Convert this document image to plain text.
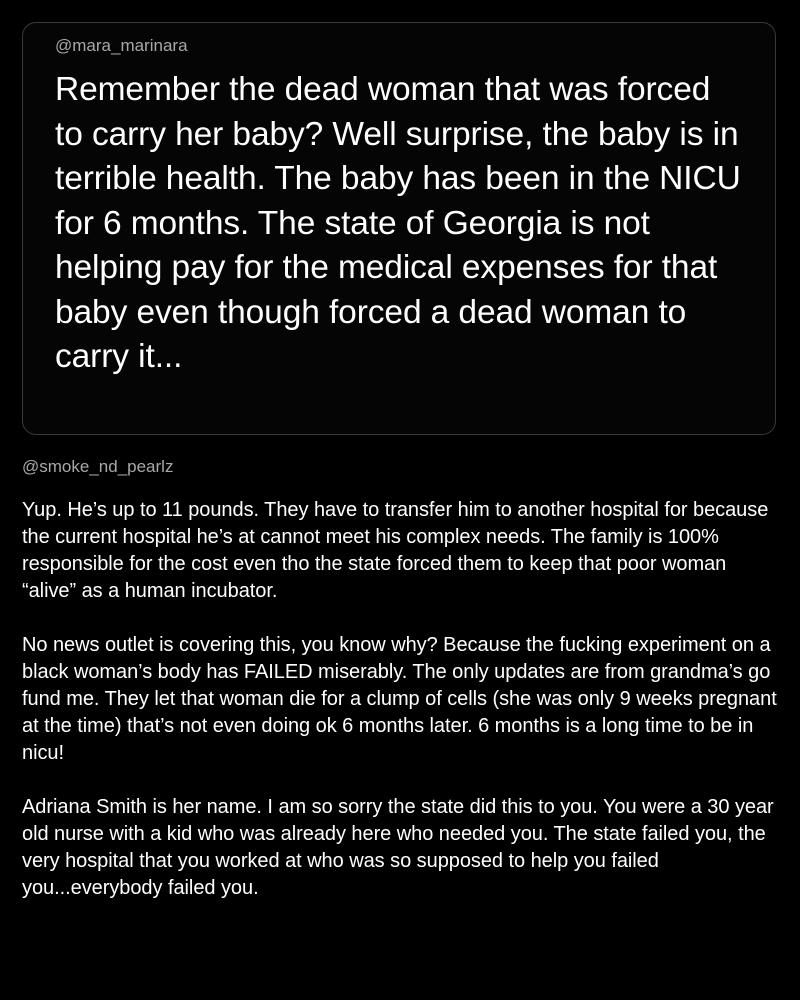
@mara_marinara
Remember the dead woman that was forced to carry her baby? Well surprise, the baby is in terrible health. The baby has been in the NICU for 6 months. The state of Georgia is not helping pay for the medical expenses for that baby even though forced a dead woman to carry it...
@smoke_nd_pearlz

Yup. He’s up to 11 pounds. They have to transfer him to another hospital for because the current hospital he’s at cannot meet his complex needs. The family is 100% responsible for the cost even tho the state forced them to keep that poor woman “alive” as a human incubator.

No news outlet is covering this, you know why? Because the fucking experiment on a black woman’s body has FAILED miserably. The only updates are from grandma’s go fund me. They let that woman die for a clump of cells (she was only 9 weeks pregnant at the time) that’s not even doing ok 6 months later. 6 months is a long time to be in nicu!

Adriana Smith is her name. I am so sorry the state did this to you. You were a 30 year old nurse with a kid who was already here who needed you. The state failed you, the very hospital that you worked at who was so supposed to help you failed you...everybody failed you.
